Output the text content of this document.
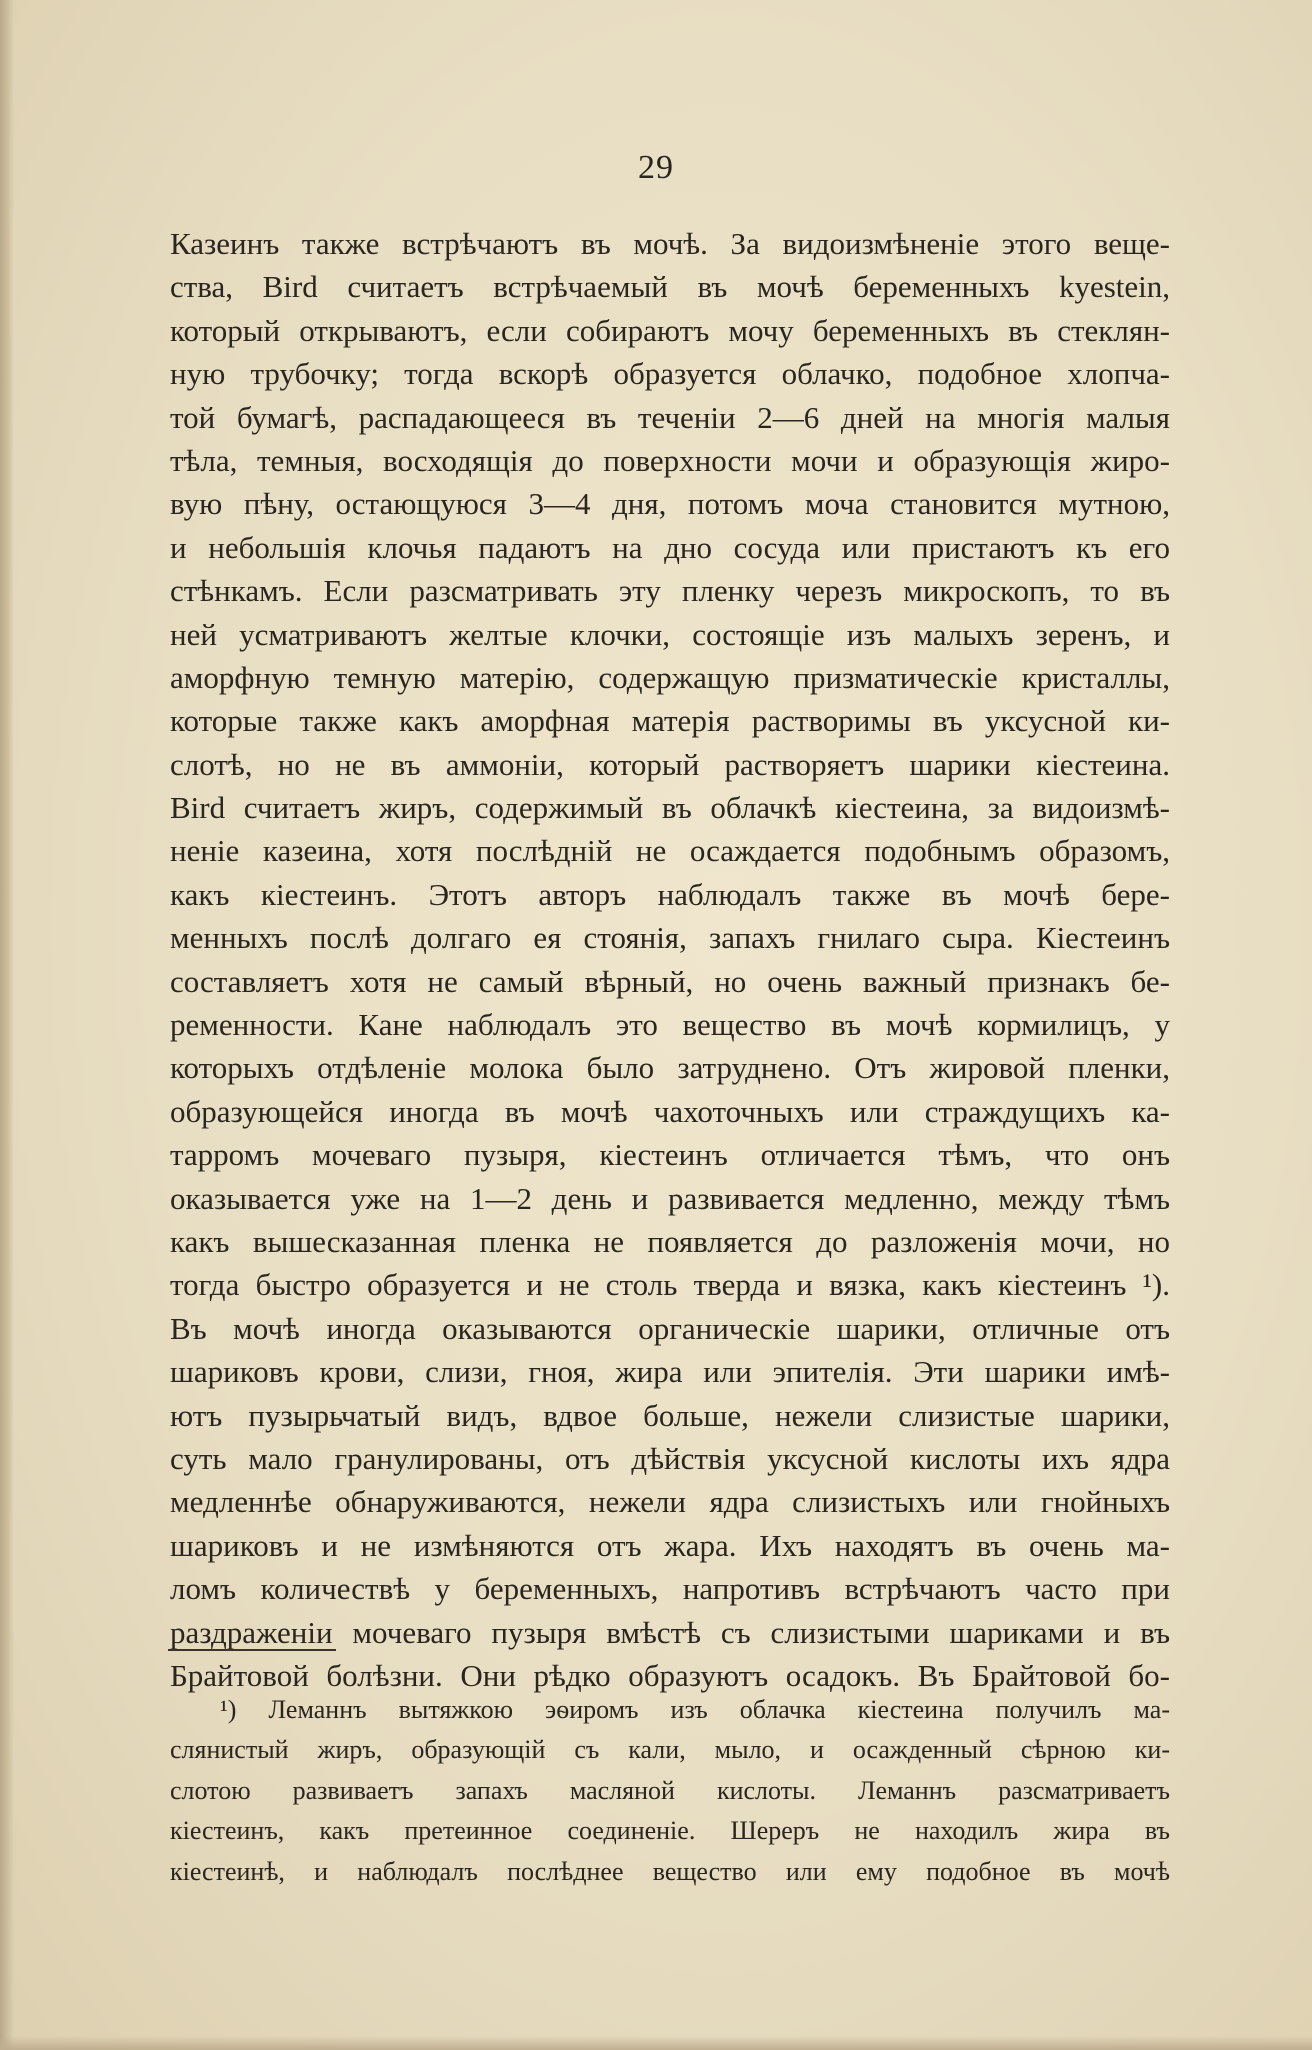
29
Казеинъ также встрѣчаютъ въ мочѣ. За видоизмѣненіе этого веще-
ства, Bird считаетъ встрѣчаемый въ мочѣ беременныхъ kyestein,
который открываютъ, если собираютъ мочу беременныхъ въ стеклян-
ную трубочку; тогда вскорѣ образуется облачко, подобное хлопча-
той бумагѣ, распадающееся въ теченіи 2—6 дней на многія малыя
тѣла, темныя, восходящія до поверхности мочи и образующія жиро-
вую пѣну, остающуюся 3—4 дня, потомъ моча становится мутною,
и небольшія клочья падаютъ на дно сосуда или пристаютъ къ его
стѣнкамъ. Если разсматривать эту пленку черезъ микроскопъ, то въ
ней усматриваютъ желтые клочки, состоящіе изъ малыхъ зеренъ, и
аморфную темную матерію, содержащую призматическіе кристаллы,
которые также какъ аморфная матерія растворимы въ уксусной ки-
слотѣ, но не въ аммоніи, который растворяетъ шарики кіестеина.
Bird считаетъ жиръ, содержимый въ облачкѣ кіестеина, за видоизмѣ-
неніе казеина, хотя послѣдній не осаждается подобнымъ образомъ,
какъ кіестеинъ. Этотъ авторъ наблюдалъ также въ мочѣ бере-
менныхъ послѣ долгаго ея стоянія, запахъ гнилаго сыра. Кіестеинъ
составляетъ хотя не самый вѣрный, но очень важный признакъ бе-
ременности. Кане наблюдалъ это вещество въ мочѣ кормилицъ, у
которыхъ отдѣленіе молока было затруднено. Отъ жировой пленки,
образующейся иногда въ мочѣ чахоточныхъ или страждущихъ ка-
тарромъ мочеваго пузыря, кіестеинъ отличается тѣмъ, что онъ
оказывается уже на 1—2 день и развивается медленно, между тѣмъ
какъ вышесказанная пленка не появляется до разложенія мочи, но
тогда быстро образуется и не столь тверда и вязка, какъ кіестеинъ ¹).
Въ мочѣ иногда оказываются органическіе шарики, отличные отъ
шариковъ крови, слизи, гноя, жира или эпителія. Эти шарики имѣ-
ютъ пузырьчатый видъ, вдвое больше, нежели слизистые шарики,
суть мало гранулированы, отъ дѣйствія уксусной кислоты ихъ ядра
медленнѣе обнаруживаются, нежели ядра слизистыхъ или гнойныхъ
шариковъ и не измѣняются отъ жара. Ихъ находятъ въ очень ма-
ломъ количествѣ у беременныхъ, напротивъ встрѣчаютъ часто при
раздраженіи мочеваго пузыря вмѣстѣ съ слизистыми шариками и въ
Брайтовой болѣзни. Они рѣдко образуютъ осадокъ. Въ Брайтовой бо-
¹) Леманнъ вытяжкою эѳиромъ изъ облачка кіестеина получилъ ма-
слянистый жиръ, образующій съ кали, мыло, и осажденный сѣрною ки-
слотою развиваетъ запахъ масляной кислоты. Леманнъ разсматриваетъ
кіестеинъ, какъ претеинное соединеніе. Шереръ не находилъ жира въ
кіестеинѣ, и наблюдалъ послѣднее вещество или ему подобное въ мочѣ
